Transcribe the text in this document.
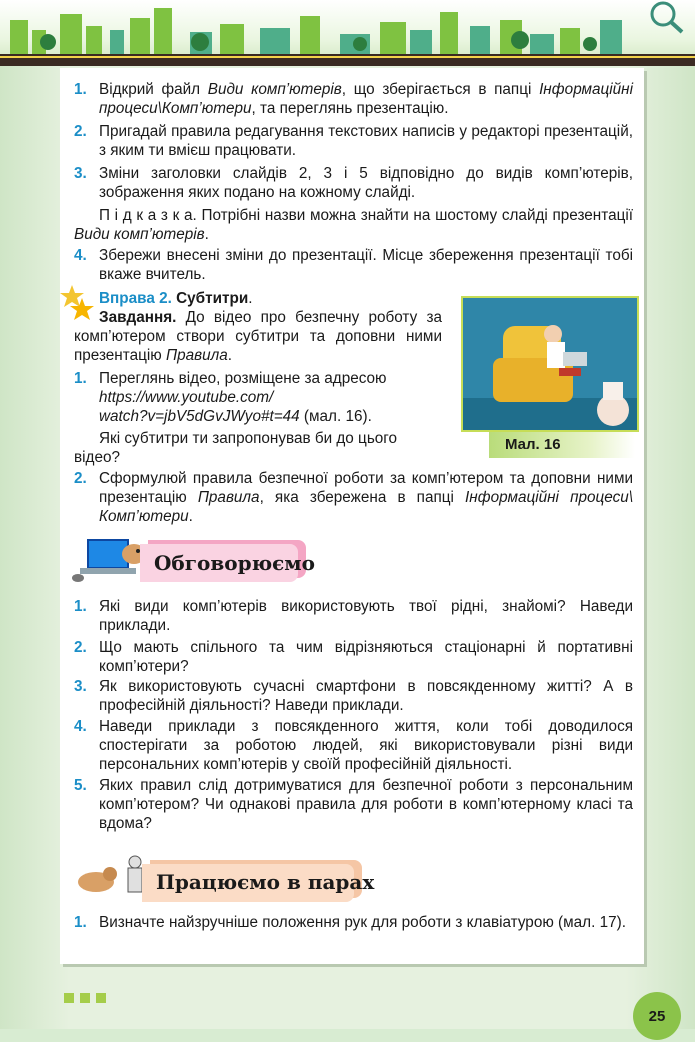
1. Відкрий файл Види комп’ютерів, що зберігається в папці Інформаційні процеси\Комп’ютери, та переглянь презентацію.
2. Пригадай правила редагування текстових написів у редакторі презентацій, з яким ти вмієш працювати.
3. Зміни заголовки слайдів 2, 3 і 5 відповідно до видів комп’ютерів, зображення яких подано на кожному слайді.
П і д к а з к а. Потрібні назви можна знайти на шостому слайді презентації Види комп’ютерів.
4. Збережи внесені зміни до презентації. Місце збереження презентації тобі вкаже вчитель.
Вправа 2. Субтитри.
Завдання. До відео про безпечну роботу за комп’ютером створи субтитри та доповни ними презентацію Правила.
1. Переглянь відео, розміщене за адресою
https://www.youtube.com/
watch?v=jbV5dGvJWyo#t=44 (мал. 16).
Які субтитри ти запропонував би до цього відео?
Мал. 16
2. Сформулюй правила безпечної роботи за комп’ютером та доповни ними презентацію Правила, яка збережена в папці Інформаційні процеси\ Комп’ютери.
Обговорюємо
1. Які види комп’ютерів використовують твої рідні, знайомі? Наведи приклади.
2. Що мають спільного та чим відрізняються стаціонарні й портативні комп’ютери?
3. Як використовують сучасні смартфони в повсякденному житті? А в професійній діяльності? Наведи приклади.
4. Наведи приклади з повсякденного життя, коли тобі доводилося спостерігати за роботою людей, які використовували різні види персональних комп’ютерів у своїй професійній діяльності.
5. Яких правил слід дотримуватися для безпечної роботи з персональним комп’ютером? Чи однакові правила для роботи в комп’ютерному класі та вдома?
Працюємо в парах
1. Визначте найзручніше положення рук для роботи з клавіатурою (мал. 17).
25
